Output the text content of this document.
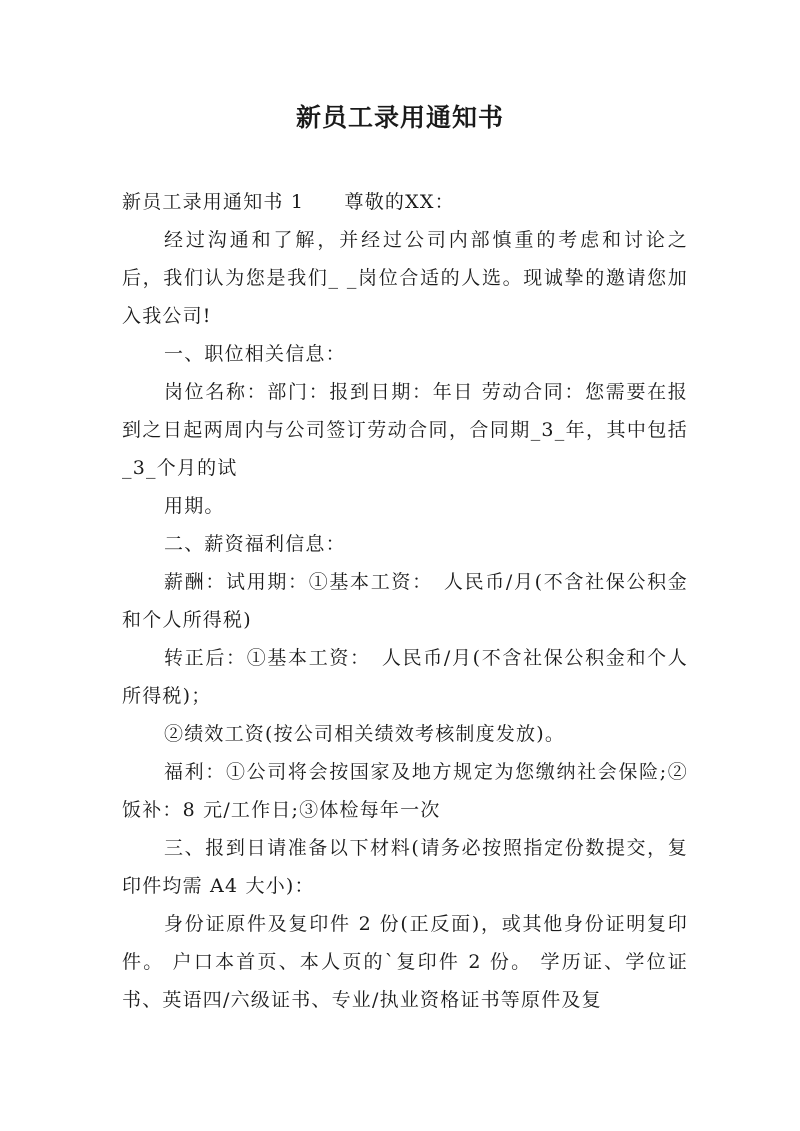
新员工录用通知书

新员工录用通知书 1　　尊敬的XX：

经过沟通和了解，并经过公司内部慎重的考虑和讨论之后，我们认为您是我们_ _岗位合适的人选。现诚挚的邀请您加入我公司!

一、职位相关信息：

岗位名称：部门：报到日期：年日 劳动合同：您需要在报到之日起两周内与公司签订劳动合同，合同期_3_年，其中包括_3_个月的试

用期。

二、薪资福利信息：

薪酬：试用期：①基本工资：　人民币/月(不含社保公积金和个人所得税)

转正后：①基本工资：　人民币/月(不含社保公积金和个人所得税)；

②绩效工资(按公司相关绩效考核制度发放)。

福利：①公司将会按国家及地方规定为您缴纳社会保险;②饭补：8 元/工作日;③体检每年一次

三、报到日请准备以下材料(请务必按照指定份数提交，复印件均需 A4 大小)：

身份证原件及复印件 2 份(正反面)，或其他身份证明复印件。 户口本首页、本人页的`复印件 2 份。 学历证、学位证书、英语四/六级证书、专业/执业资格证书等原件及复
